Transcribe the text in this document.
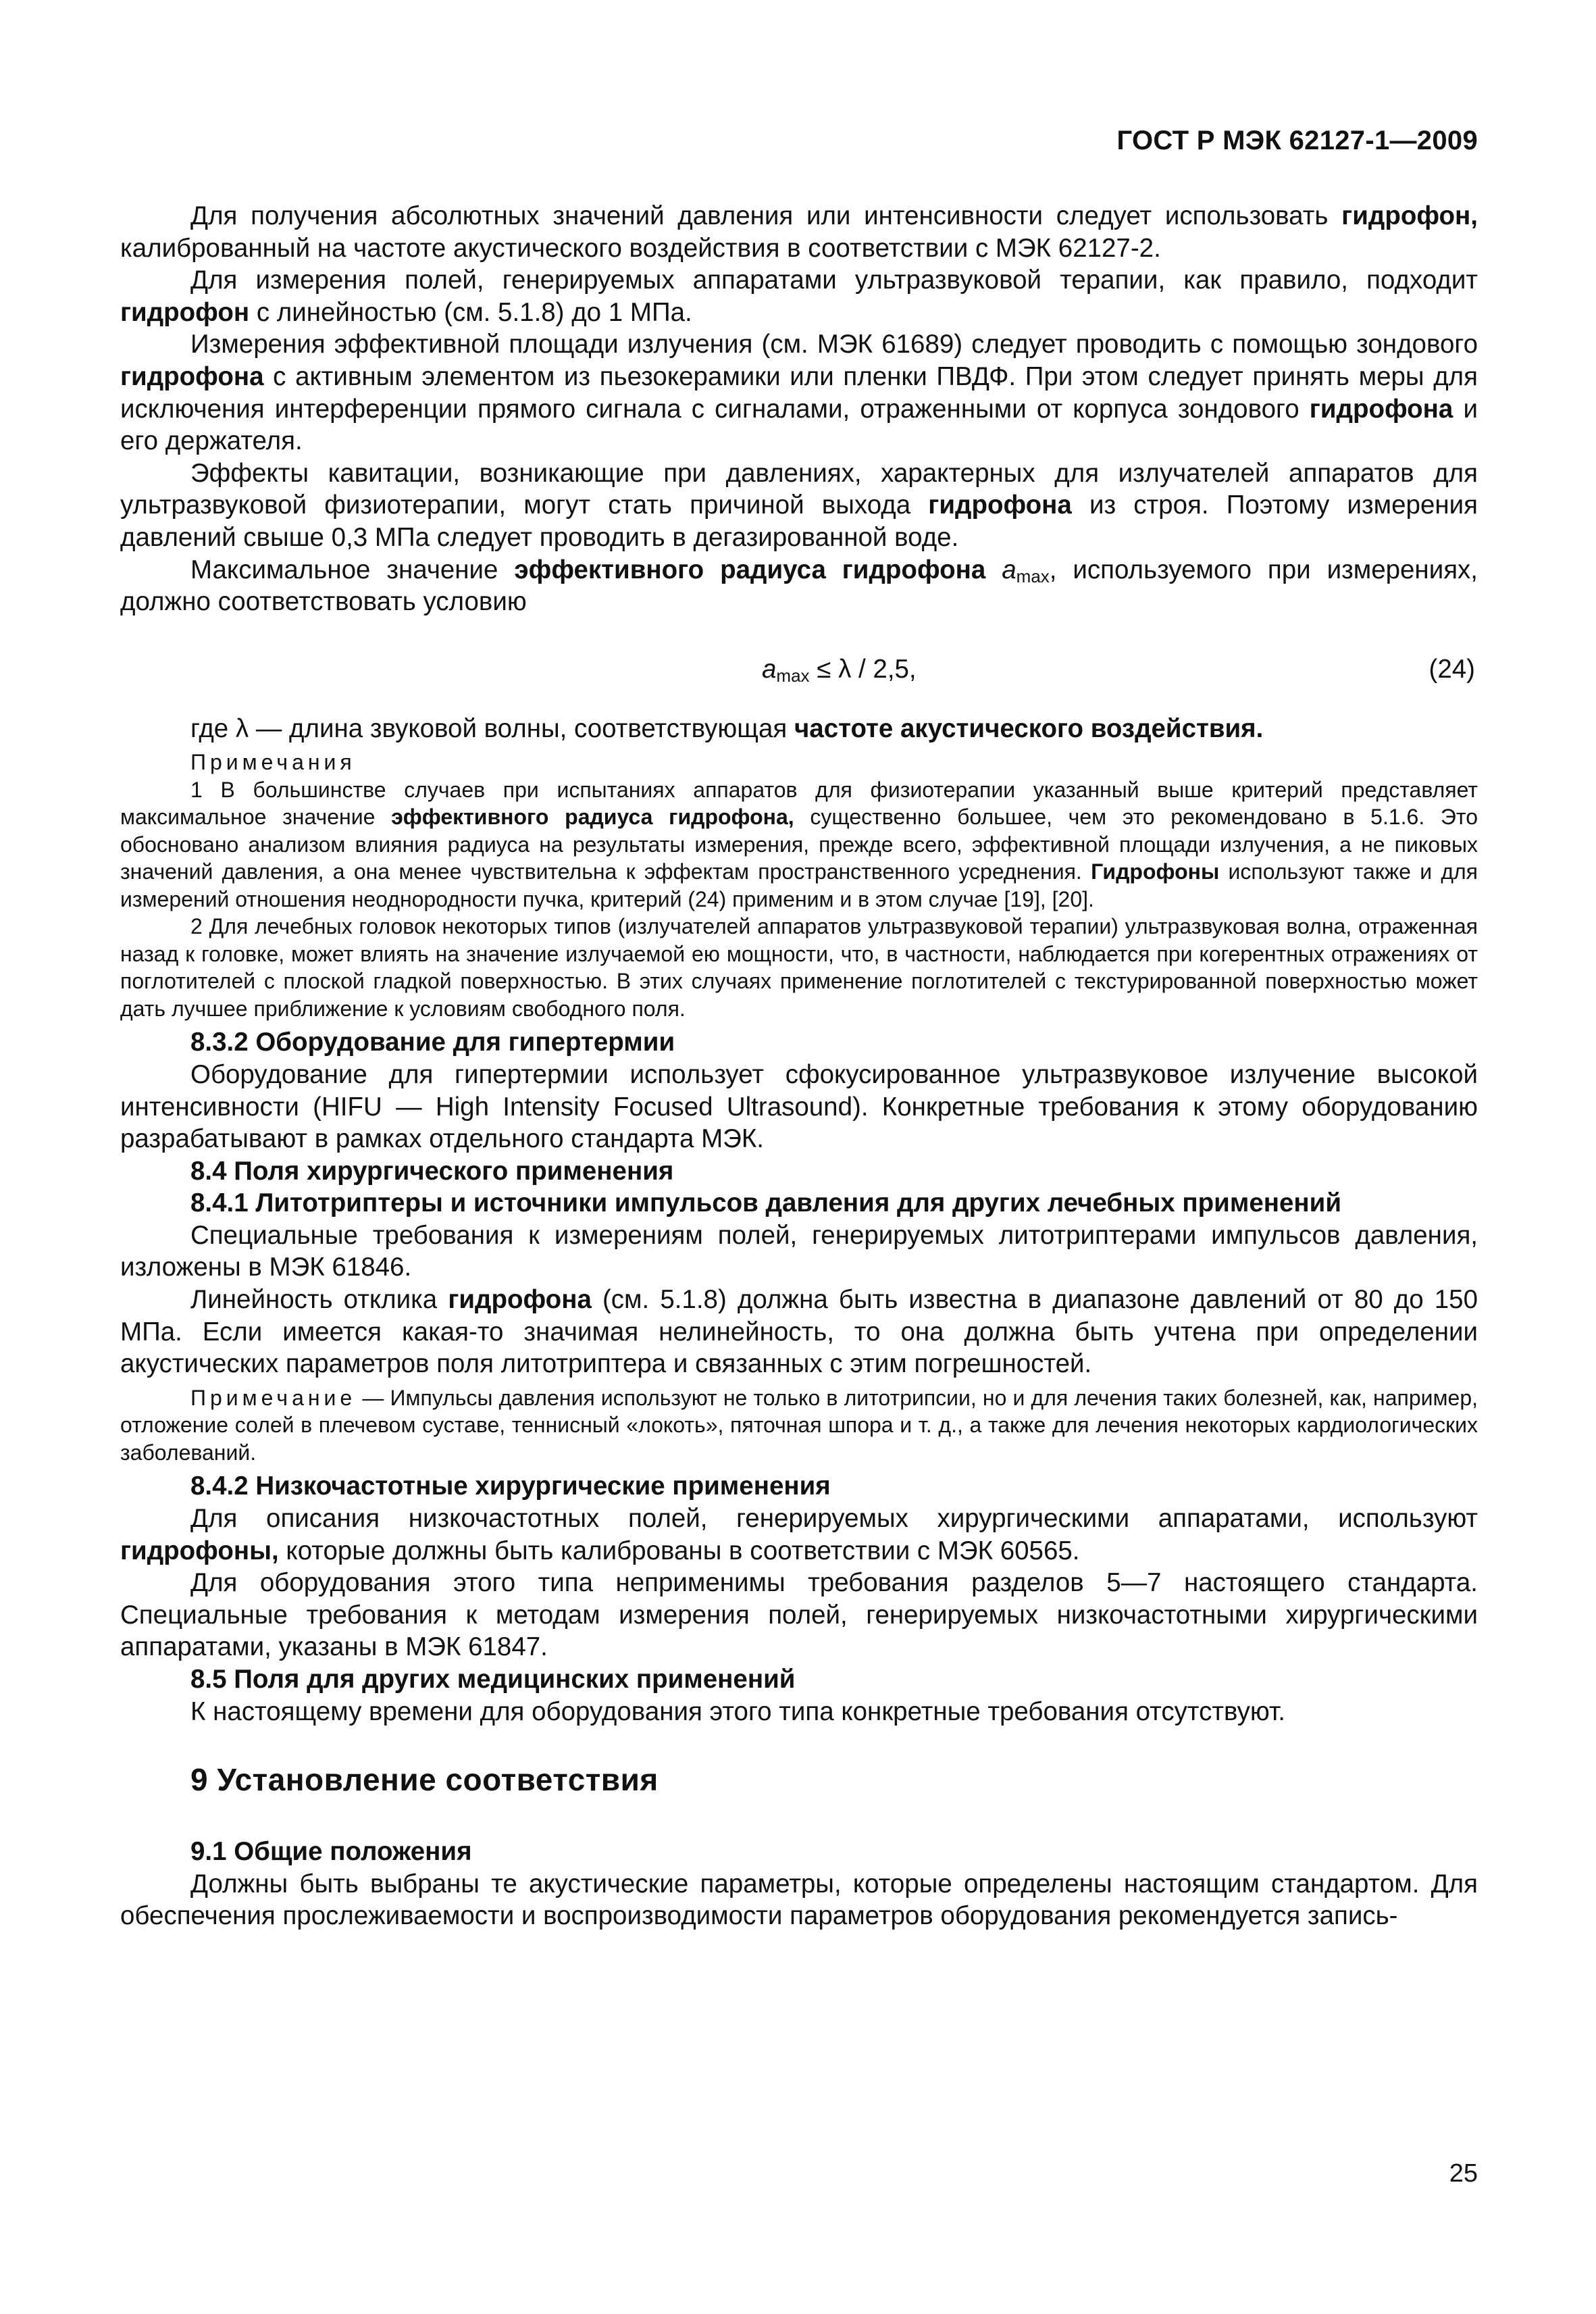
ГОСТ Р МЭК 62127-1—2009

Для получения абсолютных значений давления или интенсивности следует использовать гидрофон, калиброванный на частоте акустического воздействия в соответствии с МЭК 62127-2.

Для измерения полей, генерируемых аппаратами ультразвуковой терапии, как правило, подходит гидрофон с линейностью (см. 5.1.8) до 1 МПа.

Измерения эффективной площади излучения (см. МЭК 61689) следует проводить с помощью зондового гидрофона с активным элементом из пьезокерамики или пленки ПВДФ. При этом следует принять меры для исключения интерференции прямого сигнала с сигналами, отраженными от корпуса зондового гидрофона и его держателя.

Эффекты кавитации, возникающие при давлениях, характерных для излучателей аппаратов для ультразвуковой физиотерапии, могут стать причиной выхода гидрофона из строя. Поэтому измерения давлений свыше 0,3 МПа следует проводить в дегазированной воде.

Максимальное значение эффективного радиуса гидрофона $a_{max}$, используемого при измерениях, должно соответствовать условию

$a_{max} \le \lambda / 2,5$,	(24)

где λ — длина звуковой волны, соответствующая частоте акустического воздействия.

Примечания

1 В большинстве случаев при испытаниях аппаратов для физиотерапии указанный выше критерий представляет максимальное значение эффективного радиуса гидрофона, существенно большее, чем это рекомендовано в 5.1.6. Это обосновано анализом влияния радиуса на результаты измерения, прежде всего, эффективной площади излучения, а не пиковых значений давления, а она менее чувствительна к эффектам пространственного усреднения. Гидрофоны используют также и для измерений отношения неоднородности пучка, критерий (24) применим и в этом случае [19], [20].

2 Для лечебных головок некоторых типов (излучателей аппаратов ультразвуковой терапии) ультразвуковая волна, отраженная назад к головке, может влиять на значение излучаемой ею мощности, что, в частности, наблюдается при когерентных отражениях от поглотителей с плоской гладкой поверхностью. В этих случаях применение поглотителей с текстурированной поверхностью может дать лучшее приближение к условиям свободного поля.

8.3.2 Оборудование для гипертермии

Оборудование для гипертермии использует сфокусированное ультразвуковое излучение высокой интенсивности (HIFU — High Intensity Focused Ultrasound). Конкретные требования к этому оборудованию разрабатывают в рамках отдельного стандарта МЭК.

8.4 Поля хирургического применения

8.4.1 Литотриптеры и источники импульсов давления для других лечебных применений

Специальные требования к измерениям полей, генерируемых литотриптерами импульсов давления, изложены в МЭК 61846.

Линейность отклика гидрофона (см. 5.1.8) должна быть известна в диапазоне давлений от 80 до 150 МПа. Если имеется какая-то значимая нелинейность, то она должна быть учтена при определении акустических параметров поля литотриптера и связанных с этим погрешностей.

Примечание — Импульсы давления используют не только в литотрипсии, но и для лечения таких болезней, как, например, отложение солей в плечевом суставе, теннисный «локоть», пяточная шпора и т. д., а также для лечения некоторых кардиологических заболеваний.

8.4.2 Низкочастотные хирургические применения

Для описания низкочастотных полей, генерируемых хирургическими аппаратами, используют гидрофоны, которые должны быть калиброваны в соответствии с МЭК 60565.

Для оборудования этого типа неприменимы требования разделов 5—7 настоящего стандарта. Специальные требования к методам измерения полей, генерируемых низкочастотными хирургическими аппаратами, указаны в МЭК 61847.

8.5 Поля для других медицинских применений

К настоящему времени для оборудования этого типа конкретные требования отсутствуют.

9 Установление соответствия

9.1 Общие положения

Должны быть выбраны те акустические параметры, которые определены настоящим стандартом. Для обеспечения прослеживаемости и воспроизводимости параметров оборудования рекомендуется запись-

25
